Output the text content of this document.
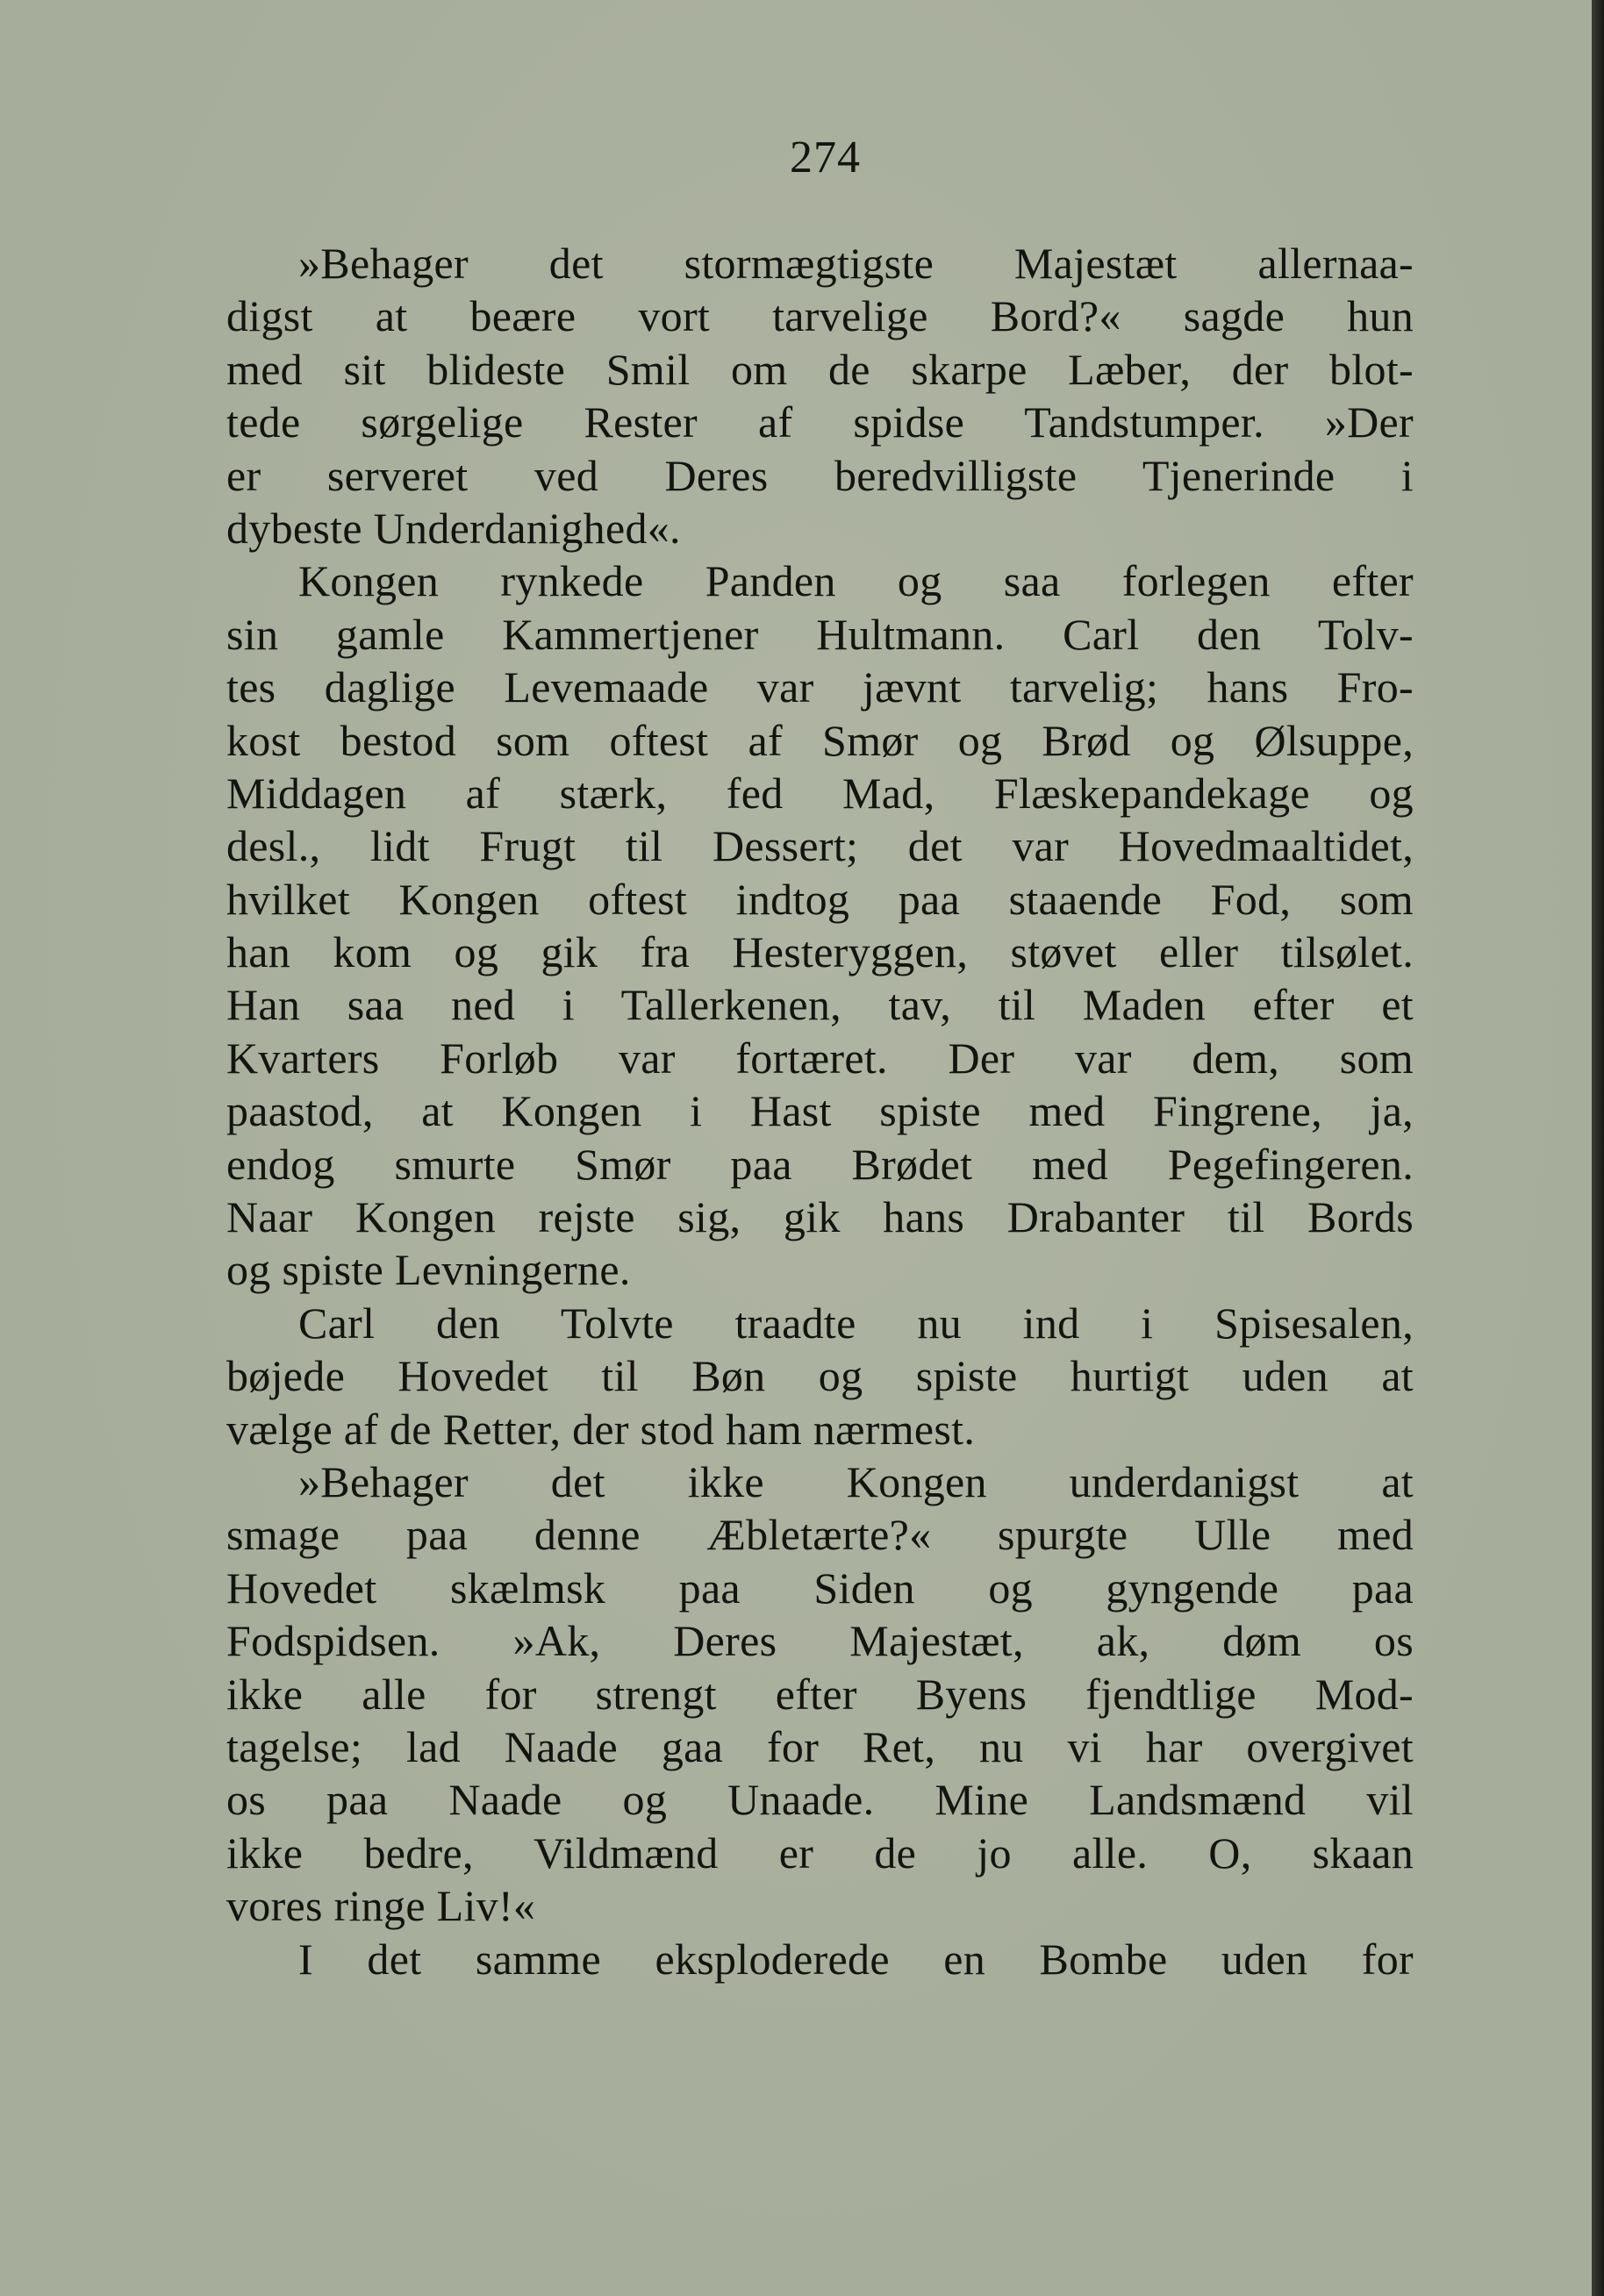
274
»Behager det stormægtigste Majestæt allernaa-
digst at beære vort tarvelige Bord?« sagde hun
med sit blideste Smil om de skarpe Læber, der blot-
tede sørgelige Rester af spidse Tandstumper. »Der
er serveret ved Deres beredvilligste Tjenerinde i
dybeste Underdanighed«.
Kongen rynkede Panden og saa forlegen efter
sin gamle Kammertjener Hultmann. Carl den Tolv-
tes daglige Levemaade var jævnt tarvelig; hans Fro-
kost bestod som oftest af Smør og Brød og Ølsuppe,
Middagen af stærk, fed Mad, Flæskepandekage og
desl., lidt Frugt til Dessert; det var Hovedmaaltidet,
hvilket Kongen oftest indtog paa staaende Fod, som
han kom og gik fra Hesteryggen, støvet eller tilsølet.
Han saa ned i Tallerkenen, tav, til Maden efter et
Kvarters Forløb var fortæret. Der var dem, som
paastod, at Kongen i Hast spiste med Fingrene, ja,
endog smurte Smør paa Brødet med Pegefingeren.
Naar Kongen rejste sig, gik hans Drabanter til Bords
og spiste Levningerne.
Carl den Tolvte traadte nu ind i Spisesalen,
bøjede Hovedet til Bøn og spiste hurtigt uden at
vælge af de Retter, der stod ham nærmest.
»Behager det ikke Kongen underdanigst at
smage paa denne Æbletærte?« spurgte Ulle med
Hovedet skælmsk paa Siden og gyngende paa
Fodspidsen. »Ak, Deres Majestæt, ak, døm os
ikke alle for strengt efter Byens fjendtlige Mod-
tagelse; lad Naade gaa for Ret, nu vi har overgivet
os paa Naade og Unaade. Mine Landsmænd vil
ikke bedre, Vildmænd er de jo alle. O, skaan
vores ringe Liv!«
I det samme eksploderede en Bombe uden for
